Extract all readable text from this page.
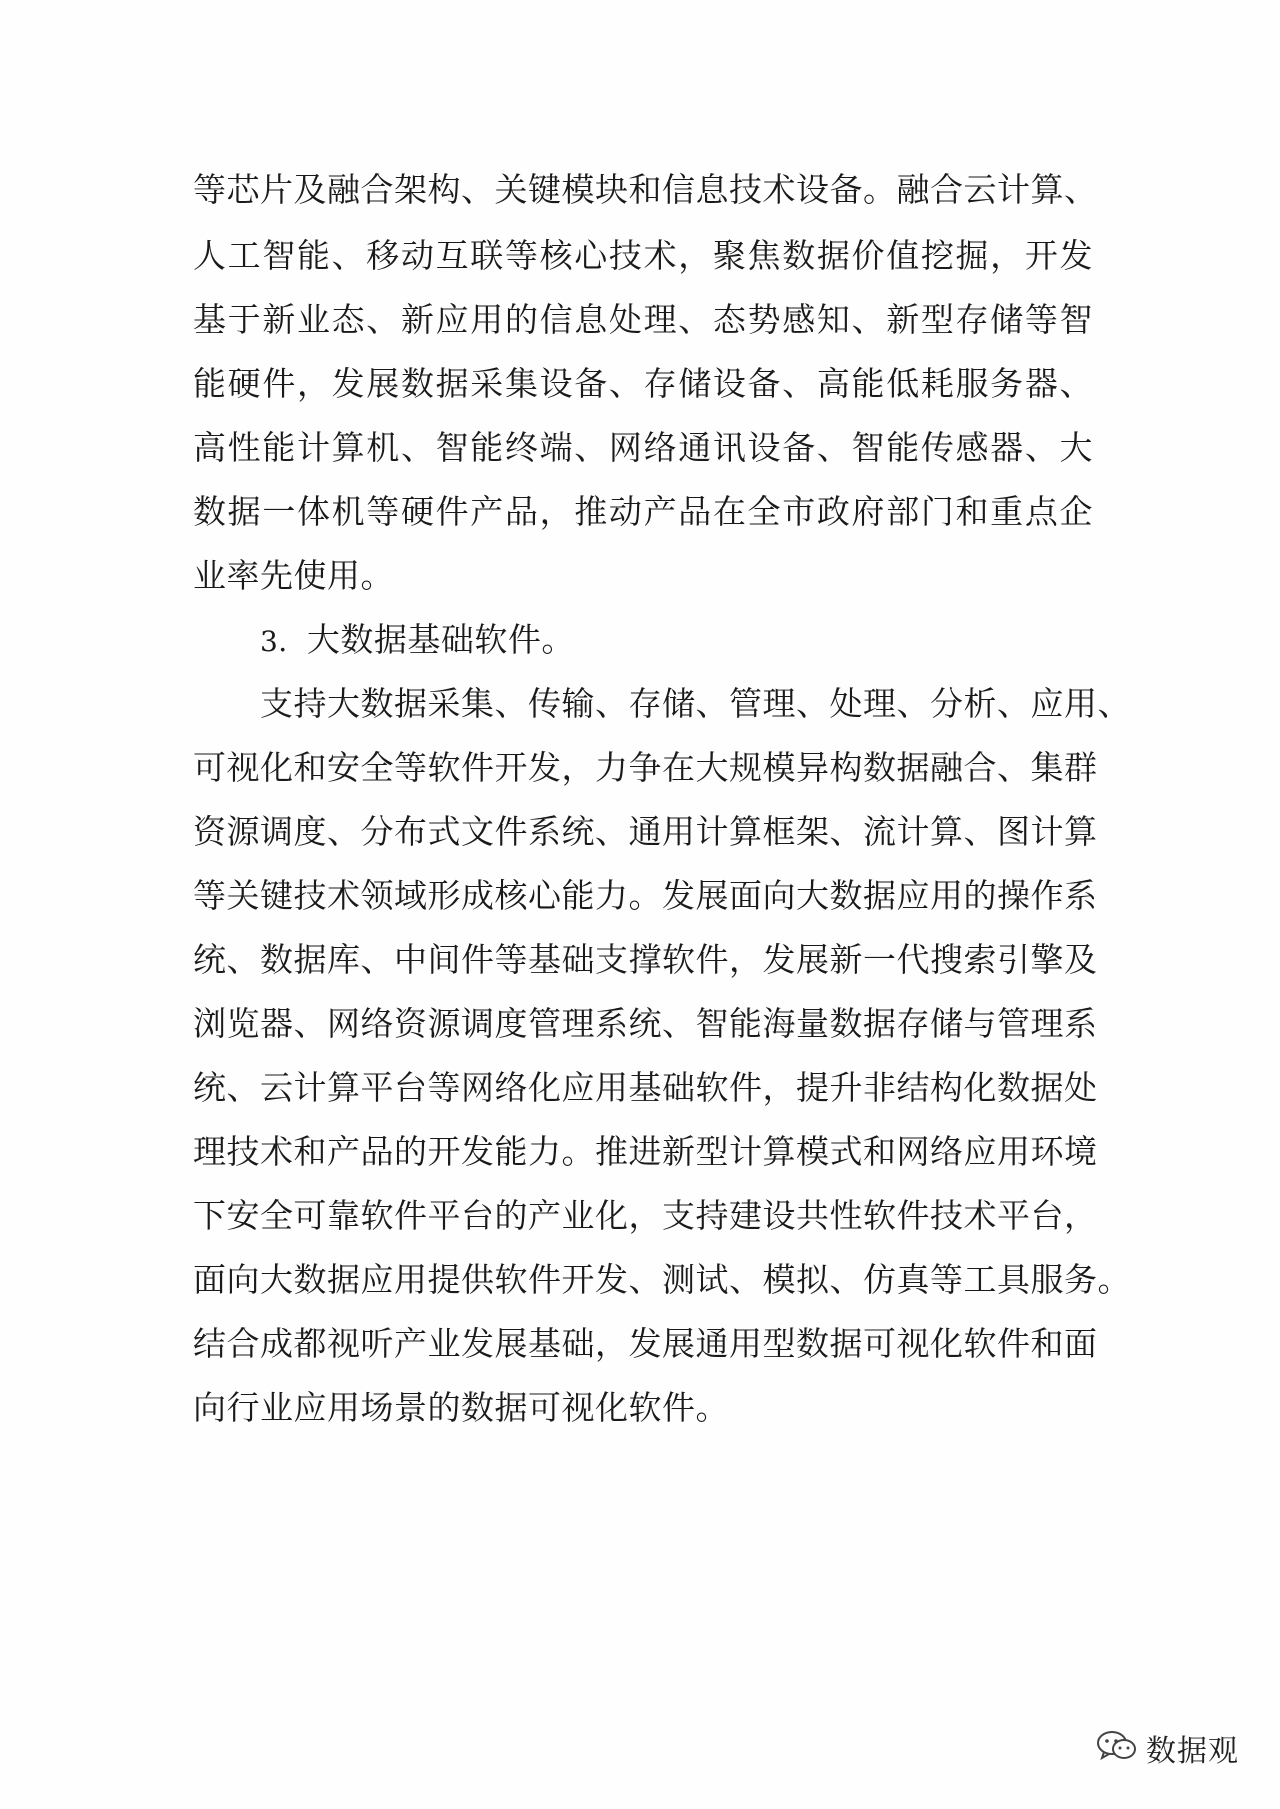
等芯片及融合架构、关键模块和信息技术设备。融合云计算、
人工智能、移动互联等核心技术，聚焦数据价值挖掘，开发
基于新业态、新应用的信息处理、态势感知、新型存储等智
能硬件，发展数据采集设备、存储设备、高能低耗服务器、
高性能计算机、智能终端、网络通讯设备、智能传感器、大
数据一体机等硬件产品，推动产品在全市政府部门和重点企
业率先使用。
3．大数据基础软件。
支持大数据采集、传输、存储、管理、处理、分析、应用、
可视化和安全等软件开发，力争在大规模异构数据融合、集群
资源调度、分布式文件系统、通用计算框架、流计算、图计算
等关键技术领域形成核心能力。发展面向大数据应用的操作系
统、数据库、中间件等基础支撑软件，发展新一代搜索引擎及
浏览器、网络资源调度管理系统、智能海量数据存储与管理系
统、云计算平台等网络化应用基础软件，提升非结构化数据处
理技术和产品的开发能力。推进新型计算模式和网络应用环境
下安全可靠软件平台的产业化，支持建设共性软件技术平台，
面向大数据应用提供软件开发、测试、模拟、仿真等工具服务。
结合成都视听产业发展基础，发展通用型数据可视化软件和面
向行业应用场景的数据可视化软件。
数据观
